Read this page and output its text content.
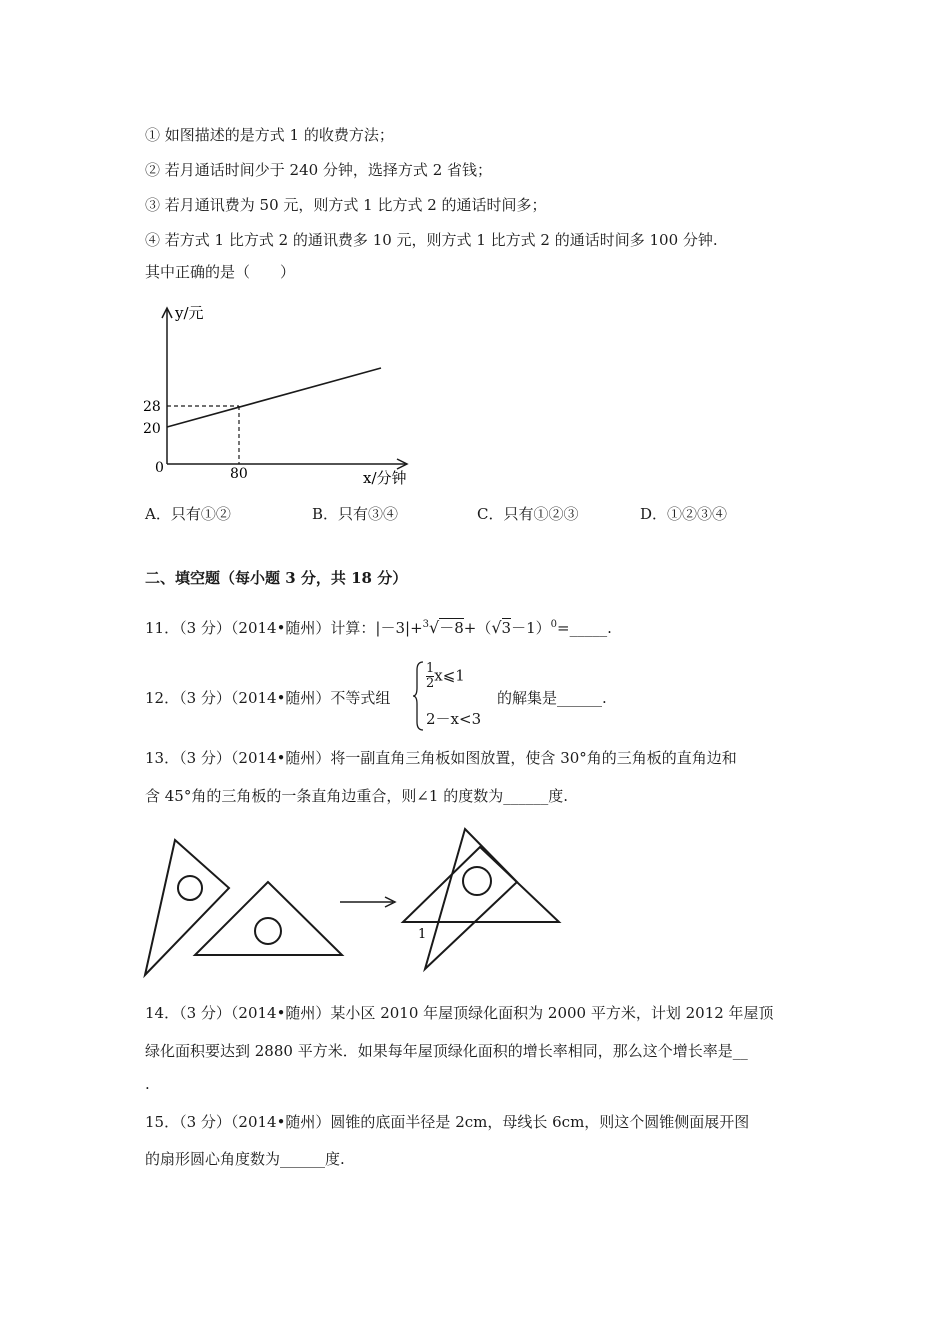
① 如图描述的是方式 1 的收费方法；
② 若月通话时间少于 240 分钟，选择方式 2 省钱；
③ 若月通讯费为 50 元，则方式 1 比方式 2 的通话时间多；
④ 若方式 1 比方式 2 的通讯费多 10 元，则方式 1 比方式 2 的通话时间多 100 分钟.
其中正确的是（　　）
y/元
x/分钟
0
28
20
80
A．只有①②	B．只有③④	C．只有①②③	D．①②③④
二、填空题（每小题 3 分，共 18 分）
11．（3 分）（2014•随州）计算：$|-3|+^3√-8+(√3-1)^0=\_\_\_\_\_$.
12．（3 分）（2014•随州）不等式组
$\frac{1}{2}$ x⩽1
2－x<3
的解集是______.
13．（3 分）（2014•随州）将一副直角三角板如图放置，使含 30°角的三角板的直角边和
含 45°角的三角板的一条直角边重合，则∠1 的度数为______度.
1
14．（3 分）（2014•随州）某小区 2010 年屋顶绿化面积为 2000 平方米，计划 2012 年屋顶
绿化面积要达到 2880 平方米．如果每年屋顶绿化面积的增长率相同，那么这个增长率是__
.
15．（3 分）（2014•随州）圆锥的底面半径是 2cm，母线长 6cm，则这个圆锥侧面展开图
的扇形圆心角度数为______度.
